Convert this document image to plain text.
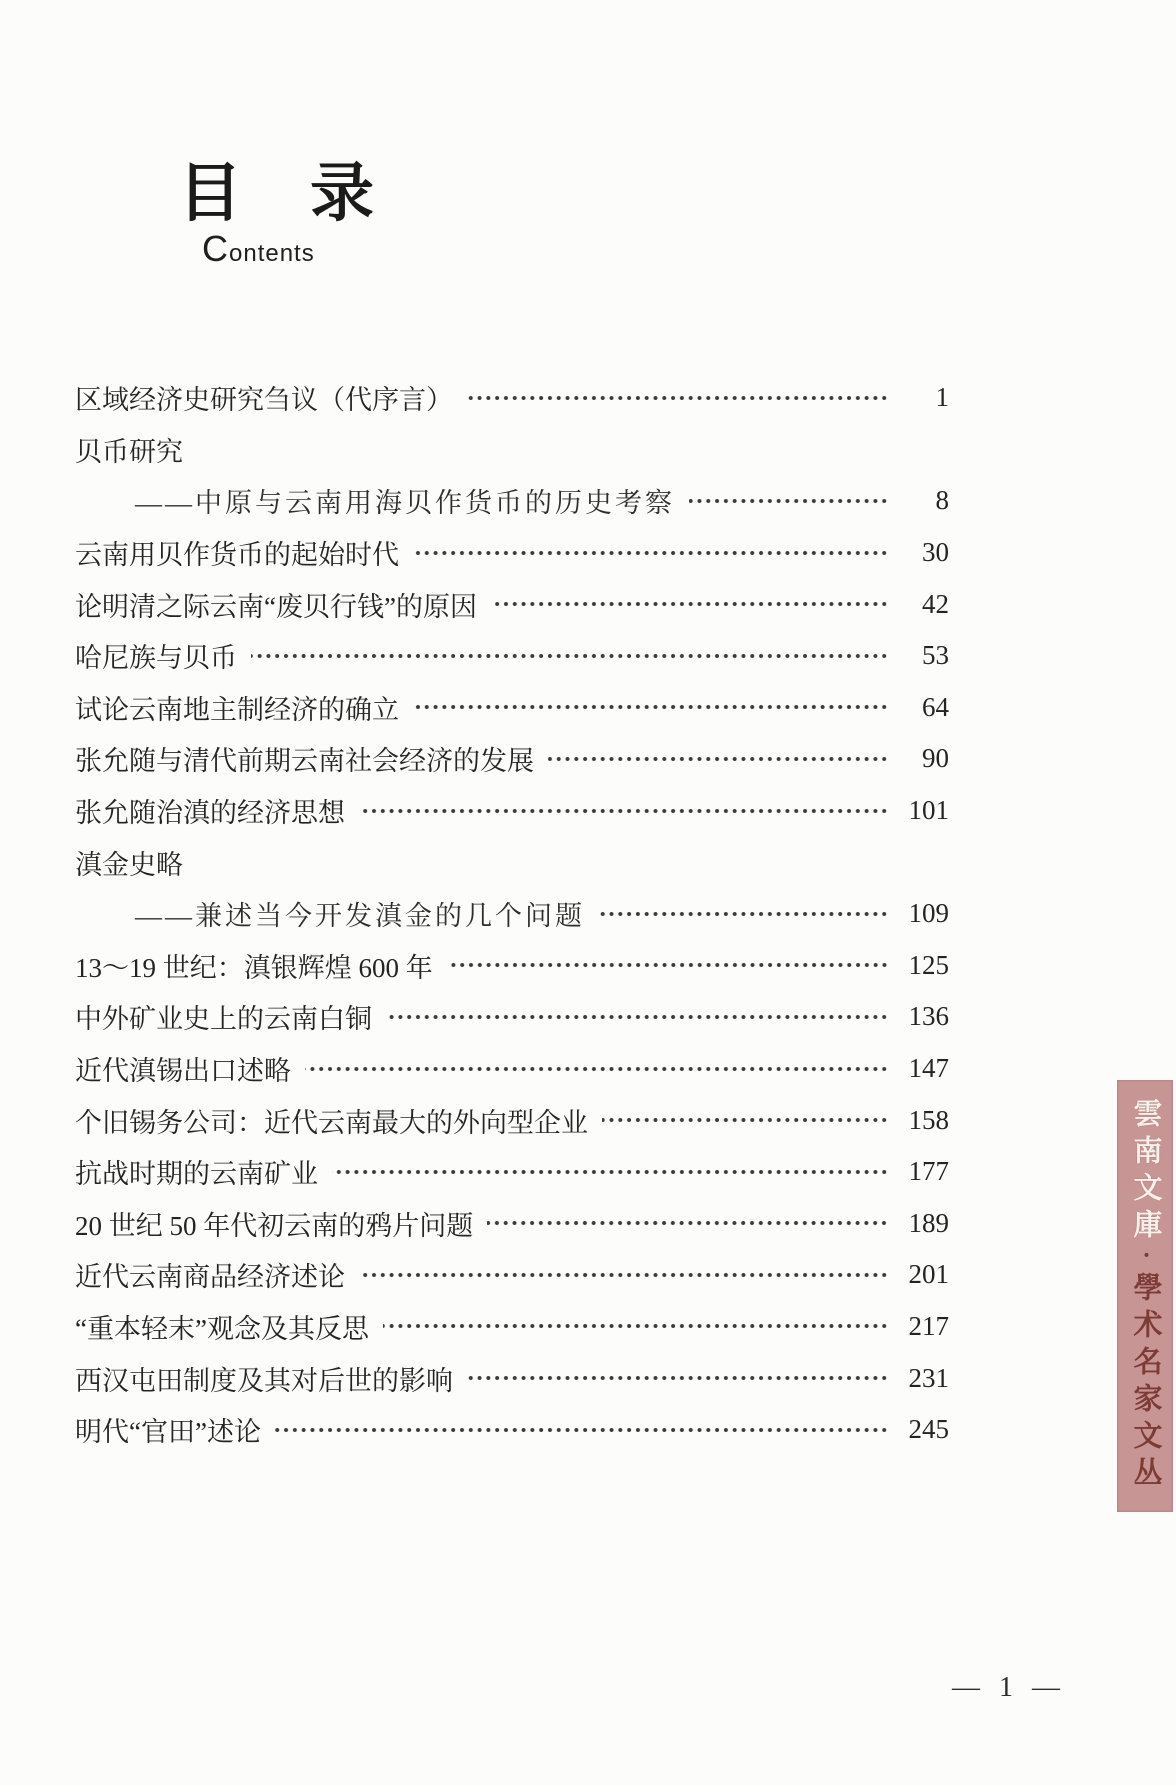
目　录
Contents
区域经济史研究刍议（代序言）	1
贝币研究
——中原与云南用海贝作货币的历史考察	8
云南用贝作货币的起始时代	30
论明清之际云南“废贝行钱”的原因	42
哈尼族与贝币	53
试论云南地主制经济的确立	64
张允随与清代前期云南社会经济的发展	90
张允随治滇的经济思想	101
滇金史略
——兼述当今开发滇金的几个问题	109
13～19 世纪：滇银辉煌 600 年	125
中外矿业史上的云南白铜	136
近代滇锡出口述略	147
个旧锡务公司：近代云南最大的外向型企业	158
抗战时期的云南矿业	177
20 世纪 50 年代初云南的鸦片问题	189
近代云南商品经济述论	201
“重本轻末”观念及其反思	217
西汉屯田制度及其对后世的影响	231
明代“官田”述论	245
雲南文庫・學术名家文丛
— 1 —
